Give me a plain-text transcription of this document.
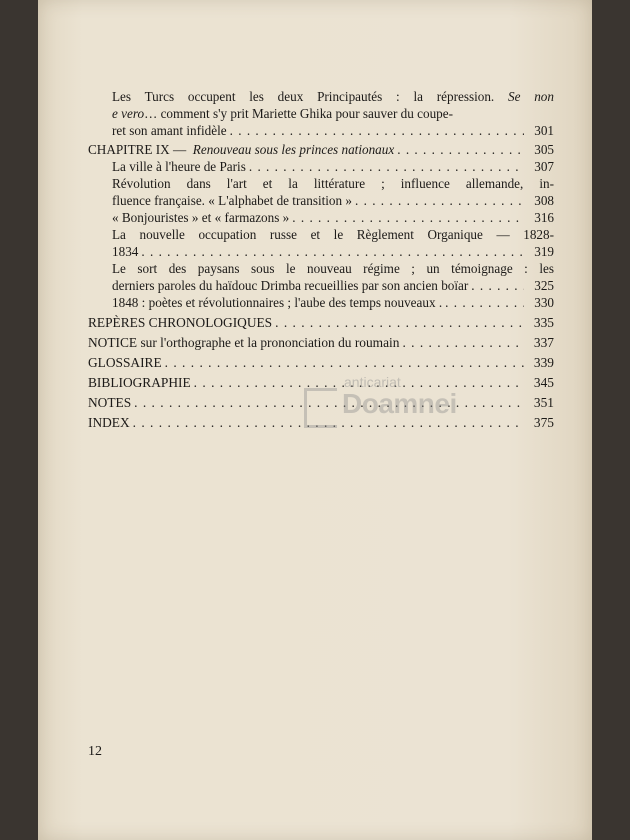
Les Turcs occupent les deux Principautés : la répression. Se non
e vero… comment s'y prit Mariette Ghika pour sauver du coupe-
ret son amant infidèle . . .	301
CHAPITRE IX — Renouveau sous les princes nationaux . . .	305
La ville à l'heure de Paris . . .	307
Révolution dans l'art et la littérature ; influence allemande, in-
fluence française. « L'alphabet de transition » . . .	308
« Bonjouristes » et « farmazons » . . .	316
La nouvelle occupation russe et le Règlement Organique — 1828-
1834 . . .	319
Le sort des paysans sous le nouveau régime ; un témoignage : les
derniers paroles du haïdouc Drimba recueillies par son ancien boïar . . .	325
1848 : poètes et révolutionnaires ; l'aube des temps nouveaux . . . .	330
REPÈRES CHRONOLOGIQUES . . .	335
NOTICE sur l'orthographe et la prononciation du roumain . . .	337
GLOSSAIRE . . .	339
BIBLIOGRAPHIE . . .	345
NOTES . . .	351
INDEX . . .	375
anticariat
Doamnei
12
